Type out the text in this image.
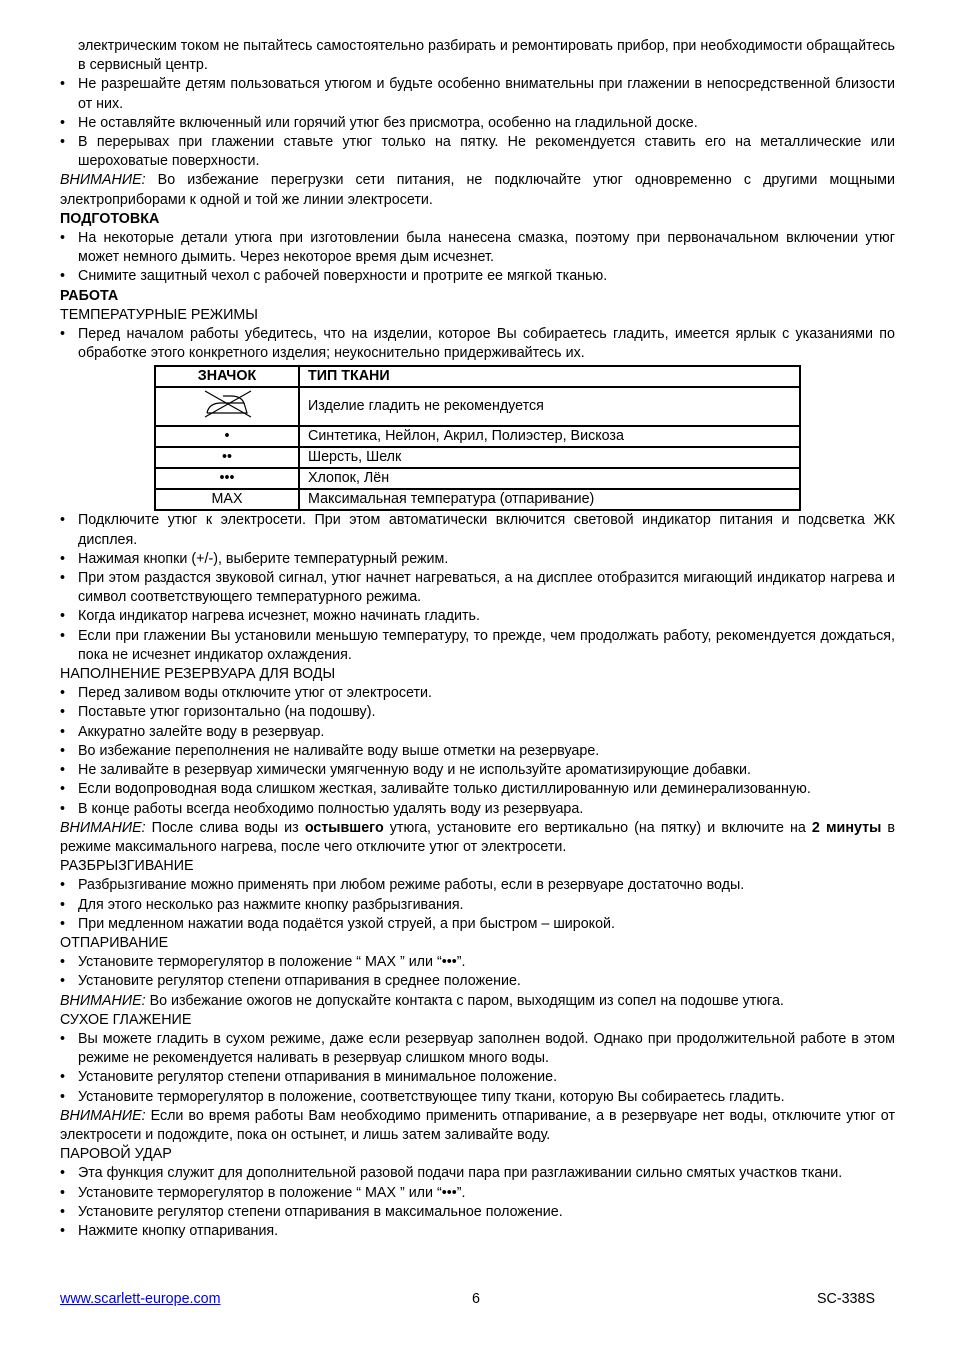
электрическим током не пытайтесь самостоятельно разбирать и ремонтировать прибор, при необходимости обращайтесь в сервисный центр.

• Не разрешайте детям пользоваться утюгом и будьте особенно внимательны при глажении в непосредственной близости от них.

• Не оставляйте включенный или горячий утюг без присмотра, особенно на гладильной доске.

• В перерывах при глажении ставьте утюг только на пятку. Не рекомендуется ставить его на металлические или шероховатые поверхности.

ВНИМАНИЕ: Во избежание перегрузки сети питания, не подключайте утюг одновременно с другими мощными электроприборами к одной и той же линии электросети.

ПОДГОТОВКА

• На некоторые детали утюга при изготовлении была нанесена смазка, поэтому при первоначальном включении утюг может немного дымить. Через некоторое время дым исчезнет.

• Снимите защитный чехол с рабочей поверхности и протрите ее мягкой тканью.

РАБОТА

ТЕМПЕРАТУРНЫЕ РЕЖИМЫ

• Перед началом работы убедитесь, что на изделии, которое Вы собираетесь гладить, имеется ярлык с указаниями по обработке этого конкретного изделия; неукоснительно придерживайтесь их.

ЗНАЧОК	ТИП ТКАНИ
	Изделие гладить не рекомендуется
•	Синтетика, Нейлон, Акрил, Полиэстер, Вискоза
••	Шерсть, Шелк
•••	Хлопок, Лён
MAX	Максимальная температура (отпаривание)

• Подключите утюг к электросети. При этом автоматически включится световой индикатор питания и подсветка ЖК дисплея.

• Нажимая кнопки (+/-), выберите температурный режим.

• При этом раздастся звуковой сигнал, утюг начнет нагреваться, а на дисплее отобразится мигающий индикатор нагрева и символ соответствующего температурного режима.

• Когда индикатор нагрева исчезнет, можно начинать гладить.

• Если при глажении Вы установили меньшую температуру, то прежде, чем продолжать работу, рекомендуется дождаться, пока не исчезнет индикатор охлаждения.

НАПОЛНЕНИЕ РЕЗЕРВУАРА ДЛЯ ВОДЫ

• Перед заливом воды отключите утюг от электросети.

• Поставьте утюг горизонтально (на подошву).

• Аккуратно залейте воду в резервуар.

• Во избежание переполнения не наливайте воду выше отметки на резервуаре.

• Не заливайте в резервуар химически умягченную воду и не используйте ароматизирующие добавки.

• Если водопроводная вода слишком жесткая, заливайте только дистиллированную или деминерализованную.

• В конце работы всегда необходимо полностью удалять воду из резервуара.

ВНИМАНИЕ: После слива воды из остывшего утюга, установите его вертикально (на пятку) и включите на 2 минуты в режиме максимального нагрева, после чего отключите утюг от электросети.

РАЗБРЫЗГИВАНИЕ

• Разбрызгивание можно применять при любом режиме работы, если в резервуаре достаточно воды.

• Для этого несколько раз нажмите кнопку разбрызгивания.

• При медленном нажатии вода подаётся узкой струей, а при быстром – широкой.

ОТПАРИВАНИЕ

• Установите терморегулятор в положение “ MAX ” или “•••”.

• Установите регулятор степени отпаривания в среднее положение.

ВНИМАНИЕ: Во избежание ожогов не допускайте контакта с паром, выходящим из сопел на подошве утюга.

СУХОЕ ГЛАЖЕНИЕ

• Вы можете гладить в сухом режиме, даже если резервуар заполнен водой. Однако при продолжительной работе в этом режиме не рекомендуется наливать в резервуар слишком много воды.

• Установите регулятор степени отпаривания в минимальное положение.

• Установите терморегулятор в положение, соответствующее типу ткани, которую Вы собираетесь гладить.

ВНИМАНИЕ: Если во время работы Вам необходимо применить отпаривание, а в резервуаре нет воды, отключите утюг от электросети и подождите, пока он остынет, и лишь затем заливайте воду.

ПАРОВОЙ УДАР

• Эта функция служит для дополнительной разовой подачи пара при разглаживании сильно смятых участков ткани.

• Установите терморегулятор в положение “ MAX ” или “•••”.

• Установите регулятор степени отпаривания в максимальное положение.

• Нажмите кнопку отпаривания.

www.scarlett-europe.com	6	SC-338S
